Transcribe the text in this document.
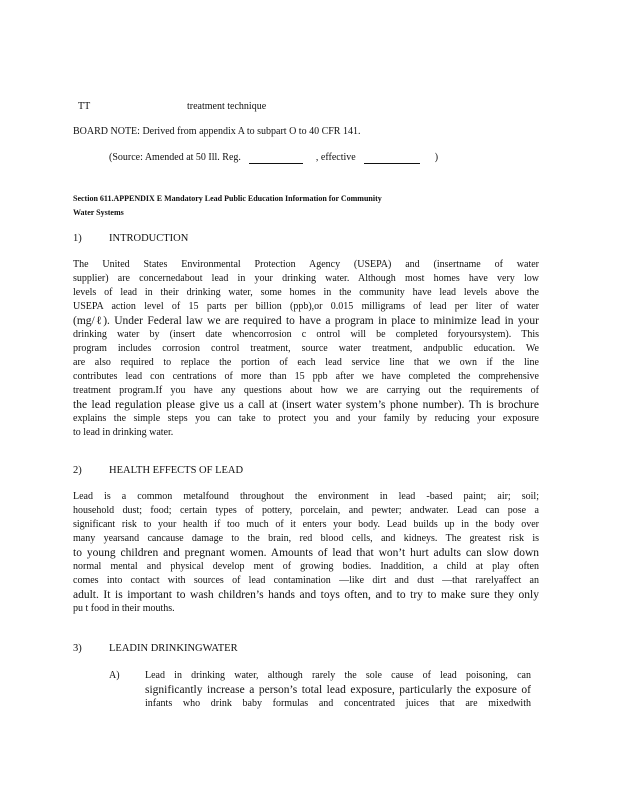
TT	treatment technique
BOARD NOTE: Derived from appendix A to subpart O to 40 CFR 141.
(Source: Amended at 50 Ill. Reg.	, effective	)
Section 611.APPENDIX E Mandatory Lead Public Education Information for Community
Water Systems
1)	INTRODUCTION
The United States Environmental Protection Agency (USEPA) and (insertname of water
supplier) are concernedabout lead in your drinking water. Although most homes have very low
levels of lead in their drinking water, some homes in the community have lead levels above the
USEPA action level of 15 parts per billion (ppb),or 0.015 milligrams of lead per liter of water
(mg/ℓ). Under Federal law we are required to have a program in place to minimize lead in your
drinking water by (insert date whencorrosion c ontrol will be completed foryoursystem). This
program includes corrosion control treatment, source water treatment, andpublic education. We
are also required to replace the portion of each lead service line that we own if the line
contributes lead con centrations of more than 15 ppb after we have completed the comprehensive
treatment program.If you have any questions about how we are carrying out the requirements of
the lead regulation please give us a call at (insert water system’s phone number). Th is brochure
explains the simple steps you can take to protect you and your family by reducing your exposure
to lead in drinking water.
2)	HEALTH EFFECTS OF LEAD
Lead is a common metalfound throughout the environment in lead -based paint; air; soil;
household dust; food; certain types of pottery, porcelain, and pewter; andwater. Lead can pose a
significant risk to your health if too much of it enters your body. Lead builds up in the body over
many yearsand cancause damage to the brain, red blood cells, and kidneys. The greatest risk is
to young children and pregnant women. Amounts of lead that won’t hurt adults can slow down
normal mental and physical develop ment of growing bodies. Inaddition, a child at play often
comes into contact with sources of lead contamination —like dirt and dust —that rarelyaffect an
adult. It is important to wash children’s hands and toys often, and to try to make sure they only
pu t food in their mouths.
3)	LEADIN DRINKINGWATER
A)	Lead in drinking water, although rarely the sole cause of lead poisoning, can
significantly increase a person’s total lead exposure, particularly the exposure of
infants who drink baby formulas and concentrated juices that are mixedwith
